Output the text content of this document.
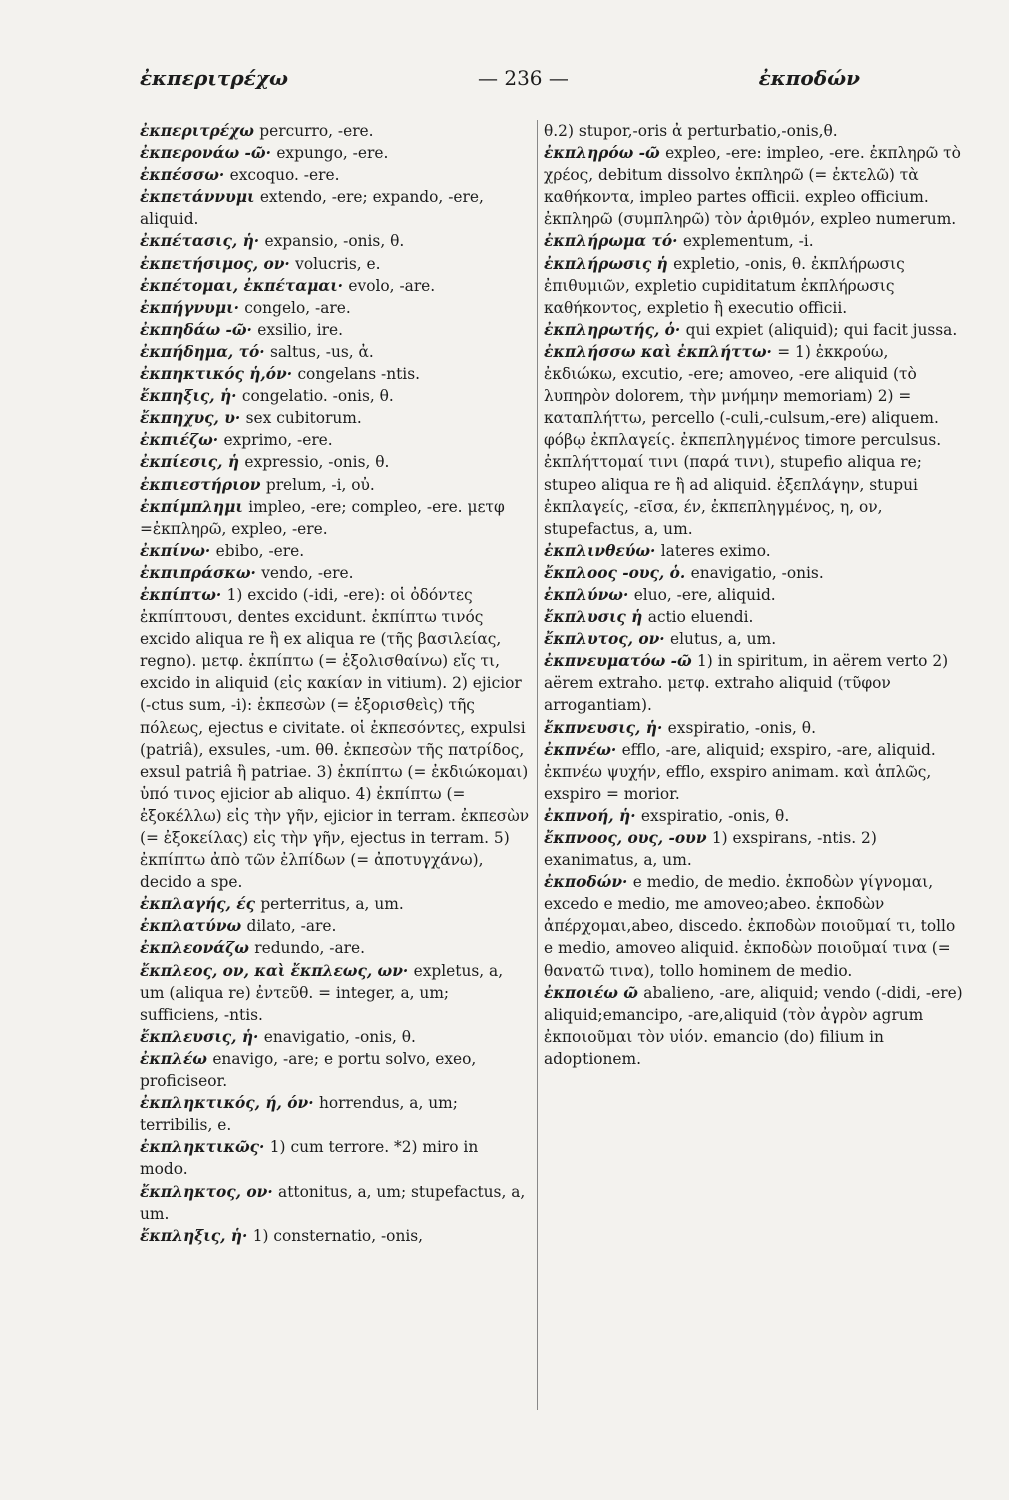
ἐκπεριτρέχω	— 236 —	ἐκποδών

ἐκπεριτρέχω percurro, -ere.

ἐκπερονάω -ῶ· expungo, -ere.

ἐκπέσσω· excoquo. -ere.

ἐκπετάννυμι extendo, -ere; expando, -ere, aliquid.

ἐκπέτασις, ἡ· expansio, -onis, θ.

ἐκπετήσιμος, ον· volucris, e.

ἐκπέτομαι, ἐκπέταμαι· evolo, -are.

ἐκπήγνυμι· congelo, -are.

ἐκπηδάω -ῶ· exsilio, ire.

ἐκπήδημα, τό· saltus, -us, ἀ.

ἐκπηκτικός ἡ,όν· congelans -ntis.

ἔκπηξις, ἡ· congelatio. -onis, θ.

ἔκπηχυς, υ· sex cubitorum.

ἐκπιέζω· exprimo, -ere.

ἐκπίεσις, ἡ expressio, -onis, θ.

ἐκπιεστήριον prelum, -i, οὐ.

ἐκπίμπλημι impleo, -ere; compleo, -ere. μετφ =ἐκπληρῶ, expleo, -ere.

ἐκπίνω· ebibo, -ere.

ἐκπιπράσκω· vendo, -ere.

ἐκπίπτω· 1) excido (-idi, -ere): οἱ ὀδόντες ἐκπίπτουσι, dentes excidunt. ἐκπίπτω τινός excido aliqua re ἢ ex aliqua re (τῆς βασιλείας, regno). μετφ. ἐκπίπτω (= ἐξολισθαίνω) εἴς τι, excido in aliquid (εἰς κακίαν in vitium). 2) ejicior (-ctus sum, -i): ἐκπεσὼν (= ἐξορισθεὶς) τῆς πόλεως, ejectus e civitate. οἱ ἐκπεσόντες, expulsi (patriâ), exsules, -um. θθ. ἐκπεσὼν τῆς πατρίδος, exsul patriâ ἢ patriae. 3) ἐκπίπτω (= ἐκδιώκομαι) ὑπό τινος ejicior ab aliquo. 4) ἐκπίπτω (= ἐξοκέλλω) εἰς τὴν γῆν, ejicior in terram. ἐκπεσὼν (= ἐξοκείλας) εἰς τὴν γῆν, ejectus in terram. 5) ἐκπίπτω ἀπὸ τῶν ἐλπίδων (= ἀποτυγχάνω), decido a spe.

ἐκπλαγής, ές perterritus, a, um.

ἐκπλατύνω dilato, -are.

ἐκπλεονάζω redundo, -are.

ἔκπλεος, ον, καὶ ἔκπλεως, ων· expletus, a, um (aliqua re) ἐντεῦθ. = integer, a, um; sufficiens, -ntis.

ἔκπλευσις, ἡ· enavigatio, -onis, θ.

ἐκπλέω enavigo, -are; e portu solvo, exeo, proficiseor.

ἐκπληκτικός, ή, όν· horrendus, a, um; terribilis, e.

ἐκπληκτικῶς· 1) cum terrore. *2) miro in modo.

ἔκπληκτος, ον· attonitus, a, um; stupefactus, a, um.

ἔκπληξις, ἡ· 1) consternatio, -onis,

θ.2) stupor,-oris ἀ perturbatio,-onis,θ.

ἐκπληρόω -ῶ expleo, -ere: impleo, -ere. ἐκπληρῶ τὸ χρέος, debitum dissolvo ἐκπληρῶ (= ἐκτελῶ) τὰ καθήκοντα, impleo partes officii. expleo officium. ἐκπληρῶ (συμπληρῶ) τὸν ἀριθμόν, expleo numerum.

ἐκπλήρωμα τό· explementum, -i.

ἐκπλήρωσις ἡ expletio, -onis, θ. ἐκπλήρωσις ἐπιθυμιῶν, expletio cupiditatum ἐκπλήρωσις καθήκοντος, expletio ἢ executio officii.

ἐκπληρωτής, ὁ· qui expiet (aliquid); qui facit jussa.

ἐκπλήσσω καὶ ἐκπλήττω· = 1) ἐκκρούω, ἐκδιώκω, excutio, -ere; amoveo, -ere aliquid (τὸ λυπηρὸν dolorem, τὴν μνήμην memoriam) 2) = καταπλήττω, percello (-culi,-culsum,-ere) aliquem. φόβῳ ἐκπλαγείς. ἐκπεπληγμένος timore perculsus. ἐκπλήττομαί τινι (παρά τινι), stupefio aliqua re; stupeo aliqua re ἢ ad aliquid. ἐξεπλάγην, stupui ἐκπλαγείς, -εῖσα, έν, ἐκπεπληγμένος, η, ον, stupefactus, a, um.

ἐκπλινθεύω· lateres eximo.

ἔκπλοος -ους, ὁ. enavigatio, -onis.

ἐκπλύνω· eluo, -ere, aliquid.

ἔκπλυσις ἡ actio eluendi.

ἔκπλυτος, ον· elutus, a, um.

ἐκπνευματόω -ῶ 1) in spiritum, in aërem verto 2) aërem extraho. μετφ. extraho aliquid (τῦφον arrogantiam).

ἔκπνευσις, ἡ· exspiratio, -onis, θ.

ἐκπνέω· efflo, -are, aliquid; exspiro, -are, aliquid. ἐκπνέω ψυχήν, efflo, exspiro animam. καὶ ἁπλῶς, exspiro = morior.

ἐκπνοή, ἡ· exspiratio, -onis, θ.

ἔκπνοος, ους, -ουν 1) exspirans, -ntis. 2) exanimatus, a, um.

ἐκποδών· e medio, de medio. ἐκποδὼν γίγνομαι, excedo e medio, me amoveo;abeo. ἐκποδὼν ἀπέρχομαι,abeo, discedo. ἐκποδὼν ποιοῦμαί τι, tollo e medio, amoveo aliquid. ἐκποδὼν ποιοῦμαί τινα (= θανατῶ τινα), tollo hominem de medio.

ἐκποιέω ῶ abalieno, -are, aliquid; vendo (-didi, -ere) aliquid;emancipo, -are,aliquid (τὸν ἀγρὸν agrum ἐκποιοῦμαι τὸν υἱόν. emancio (do) filium in adoptionem.
